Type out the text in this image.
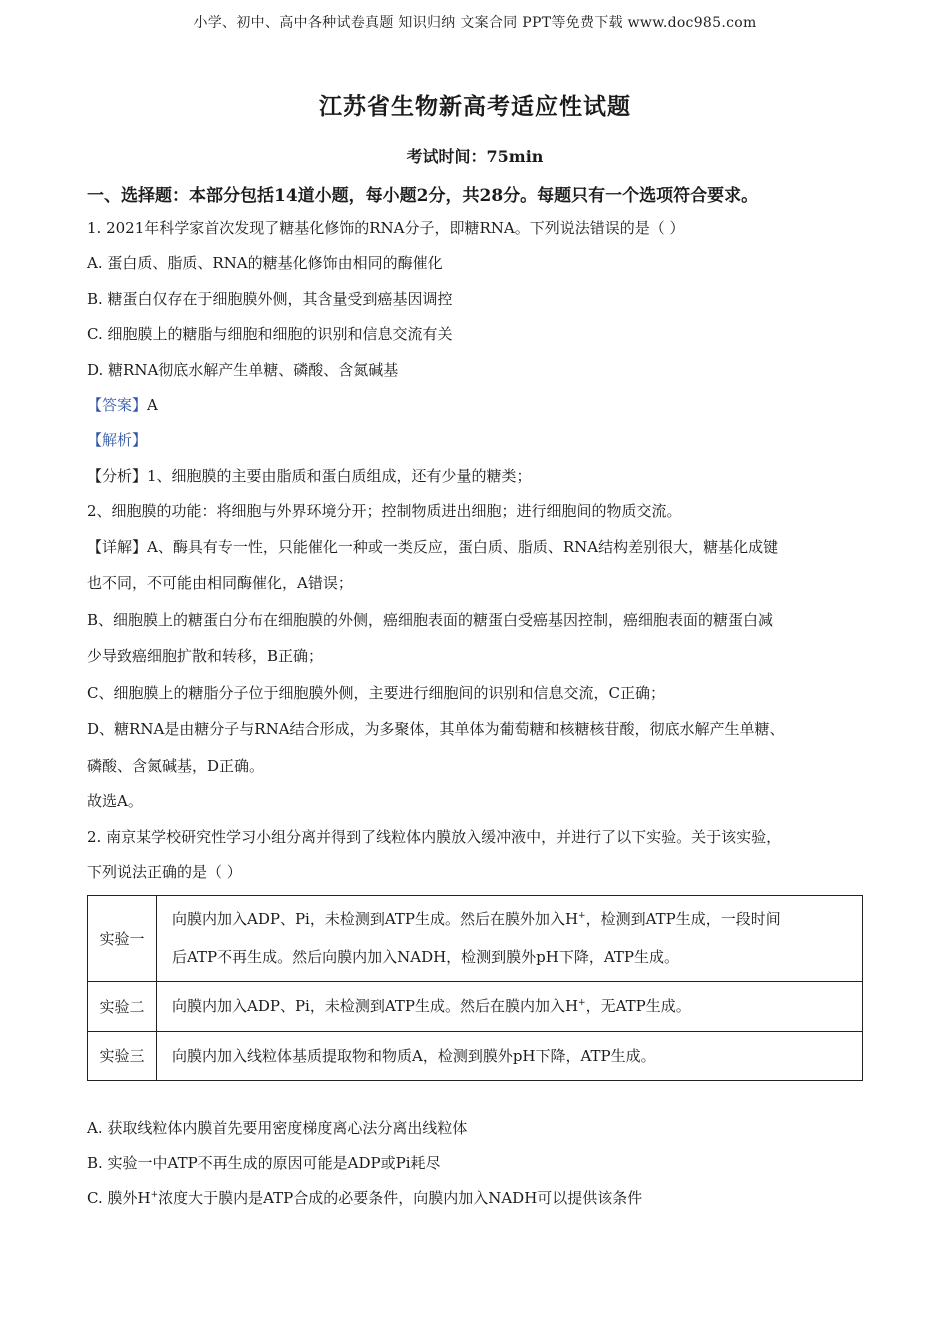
小学、初中、高中各种试卷真题 知识归纳 文案合同 PPT等免费下载 www.doc985.com
江苏省生物新高考适应性试题
考试时间：75min
一、选择题：本部分包括14道小题，每小题2分，共28分。每题只有一个选项符合要求。
1. 2021年科学家首次发现了糖基化修饰的RNA分子，即糖RNA。下列说法错误的是（ ）
A. 蛋白质、脂质、RNA的糖基化修饰由相同的酶催化
B. 糖蛋白仅存在于细胞膜外侧，其含量受到癌基因调控
C. 细胞膜上的糖脂与细胞和细胞的识别和信息交流有关
D. 糖RNA彻底水解产生单糖、磷酸、含氮碱基
【答案】A
【解析】
【分析】1、细胞膜的主要由脂质和蛋白质组成，还有少量的糖类；
2、细胞膜的功能：将细胞与外界环境分开；控制物质进出细胞；进行细胞间的物质交流。
【详解】A、酶具有专一性，只能催化一种或一类反应，蛋白质、脂质、RNA结构差别很大，糖基化成键
也不同，不可能由相同酶催化，A错误；
B、细胞膜上的糖蛋白分布在细胞膜的外侧，癌细胞表面的糖蛋白受癌基因控制，癌细胞表面的糖蛋白减
少导致癌细胞扩散和转移，B正确；
C、细胞膜上的糖脂分子位于细胞膜外侧，主要进行细胞间的识别和信息交流，C正确；
D、糖RNA是由糖分子与RNA结合形成，为多聚体，其单体为葡萄糖和核糖核苷酸，彻底水解产生单糖、
磷酸、含氮碱基，D正确。
故选A。
2. 南京某学校研究性学习小组分离并得到了线粒体内膜放入缓冲液中，并进行了以下实验。关于该实验，
下列说法正确的是（ ）
实验一	向膜内加入ADP、Pi，未检测到ATP生成。然后在膜外加入H+，检测到ATP生成，一段时间
后ATP不再生成。然后向膜内加入NADH，检测到膜外pH下降，ATP生成。

实验二	向膜内加入ADP、Pi，未检测到ATP生成。然后在膜内加入H+，无ATP生成。

实验三	向膜内加入线粒体基质提取物和物质A，检测到膜外pH下降，ATP生成。
A. 获取线粒体内膜首先要用密度梯度离心法分离出线粒体
B. 实验一中ATP不再生成的原因可能是ADP或Pi耗尽
C. 膜外H+浓度大于膜内是ATP合成的必要条件，向膜内加入NADH可以提供该条件
